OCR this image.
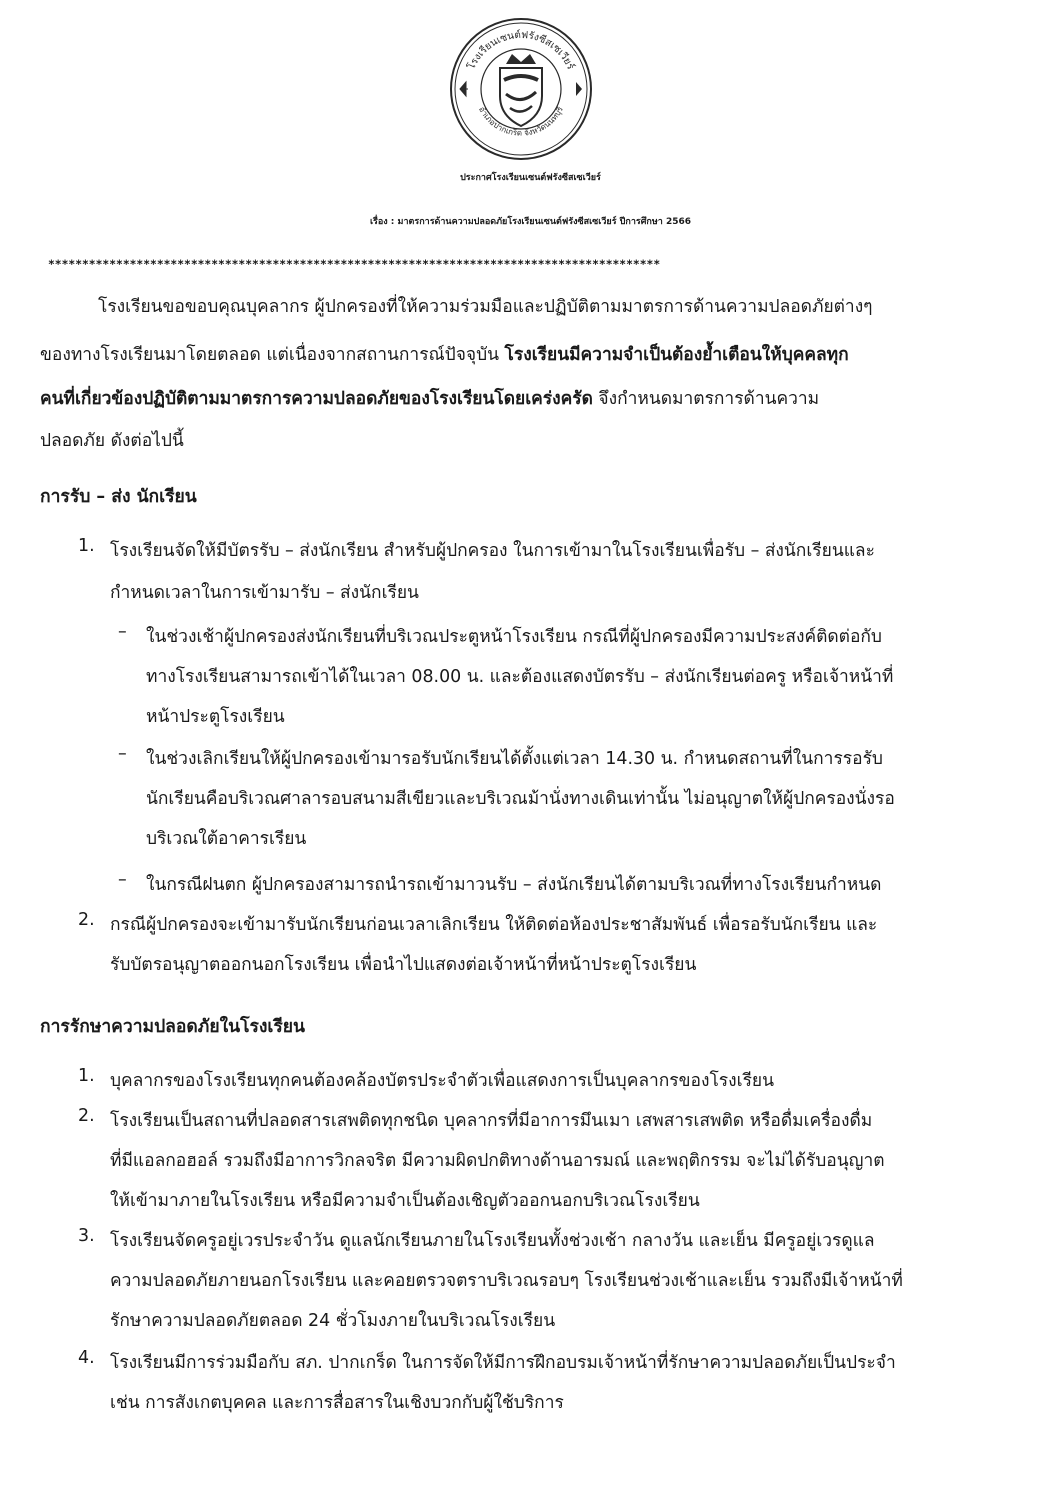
โรงเรียนเซนต์ฟรังซีสเซเวียร์
อำเภอปากเกร็ด จังหวัดนนทบุรี
ประกาศโรงเรียนเซนต์ฟรังซีสเซเวียร์
เรื่อง : มาตรการด้านความปลอดภัยโรงเรียนเซนต์ฟรังซีสเซเวียร์ ปีการศึกษา 2566
******************************************************************************************
โรงเรียนขอขอบคุณบุคลากร ผู้ปกครองที่ให้ความร่วมมือและปฏิบัติตามมาตรการด้านความปลอดภัยต่างๆ
ของทางโรงเรียนมาโดยตลอด แต่เนื่องจากสถานการณ์ปัจจุบัน โรงเรียนมีความจำเป็นต้องย้ำเตือนให้บุคคลทุก
คนที่เกี่ยวข้องปฏิบัติตามมาตรการความปลอดภัยของโรงเรียนโดยเคร่งครัด จึงกำหนดมาตรการด้านความ
ปลอดภัย ดังต่อไปนี้
การรับ – ส่ง นักเรียน
1. โรงเรียนจัดให้มีบัตรรับ – ส่งนักเรียน สำหรับผู้ปกครอง ในการเข้ามาในโรงเรียนเพื่อรับ – ส่งนักเรียนและ
กำหนดเวลาในการเข้ามารับ – ส่งนักเรียน
– ในช่วงเช้าผู้ปกครองส่งนักเรียนที่บริเวณประตูหน้าโรงเรียน กรณีที่ผู้ปกครองมีความประสงค์ติดต่อกับ
ทางโรงเรียนสามารถเข้าได้ในเวลา 08.00 น. และต้องแสดงบัตรรับ – ส่งนักเรียนต่อครู หรือเจ้าหน้าที่
หน้าประตูโรงเรียน
– ในช่วงเลิกเรียนให้ผู้ปกครองเข้ามารอรับนักเรียนได้ตั้งแต่เวลา 14.30 น. กำหนดสถานที่ในการรอรับ
นักเรียนคือบริเวณศาลารอบสนามสีเขียวและบริเวณม้านั่งทางเดินเท่านั้น ไม่อนุญาตให้ผู้ปกครองนั่งรอ
บริเวณใต้อาคารเรียน
– ในกรณีฝนตก ผู้ปกครองสามารถนำรถเข้ามาวนรับ – ส่งนักเรียนได้ตามบริเวณที่ทางโรงเรียนกำหนด
2. กรณีผู้ปกครองจะเข้ามารับนักเรียนก่อนเวลาเลิกเรียน ให้ติดต่อห้องประชาสัมพันธ์ เพื่อรอรับนักเรียน และ
รับบัตรอนุญาตออกนอกโรงเรียน เพื่อนำไปแสดงต่อเจ้าหน้าที่หน้าประตูโรงเรียน
การรักษาความปลอดภัยในโรงเรียน
1. บุคลากรของโรงเรียนทุกคนต้องคล้องบัตรประจำตัวเพื่อแสดงการเป็นบุคลากรของโรงเรียน
2. โรงเรียนเป็นสถานที่ปลอดสารเสพติดทุกชนิด บุคลากรที่มีอาการมึนเมา เสพสารเสพติด หรือดื่มเครื่องดื่ม
ที่มีแอลกอฮอล์ รวมถึงมีอาการวิกลจริต มีความผิดปกติทางด้านอารมณ์ และพฤติกรรม จะไม่ได้รับอนุญาต
ให้เข้ามาภายในโรงเรียน หรือมีความจำเป็นต้องเชิญตัวออกนอกบริเวณโรงเรียน
3. โรงเรียนจัดครูอยู่เวรประจำวัน ดูแลนักเรียนภายในโรงเรียนทั้งช่วงเช้า กลางวัน และเย็น มีครูอยู่เวรดูแล
ความปลอดภัยภายนอกโรงเรียน และคอยตรวจตราบริเวณรอบๆ โรงเรียนช่วงเช้าและเย็น รวมถึงมีเจ้าหน้าที่
รักษาความปลอดภัยตลอด 24 ชั่วโมงภายในบริเวณโรงเรียน
4. โรงเรียนมีการร่วมมือกับ สภ. ปากเกร็ด ในการจัดให้มีการฝึกอบรมเจ้าหน้าที่รักษาความปลอดภัยเป็นประจำ
เช่น การสังเกตบุคคล และการสื่อสารในเชิงบวกกับผู้ใช้บริการ
